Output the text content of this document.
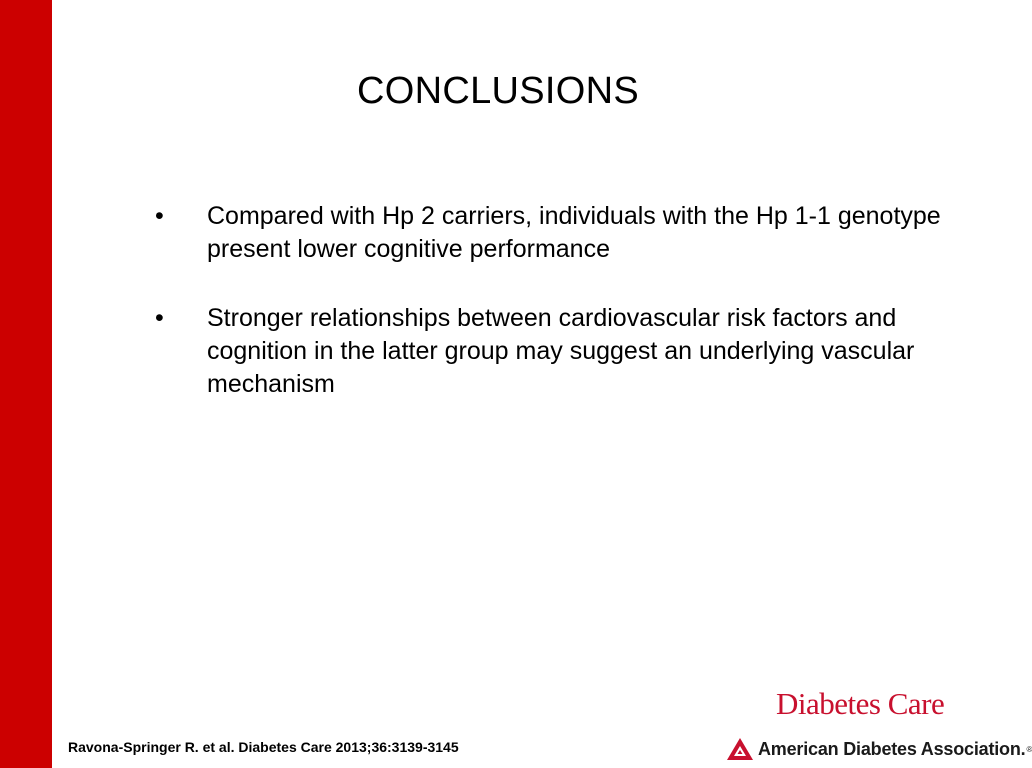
CONCLUSIONS
• Compared with Hp 2 carriers, individuals with the Hp 1-1 genotype present lower cognitive performance
• Stronger relationships between cardiovascular risk factors and cognition in the latter group may suggest an underlying vascular mechanism
Ravona-Springer R. et al. Diabetes Care 2013;36:3139-3145
Diabetes Care
American Diabetes Association. ®
